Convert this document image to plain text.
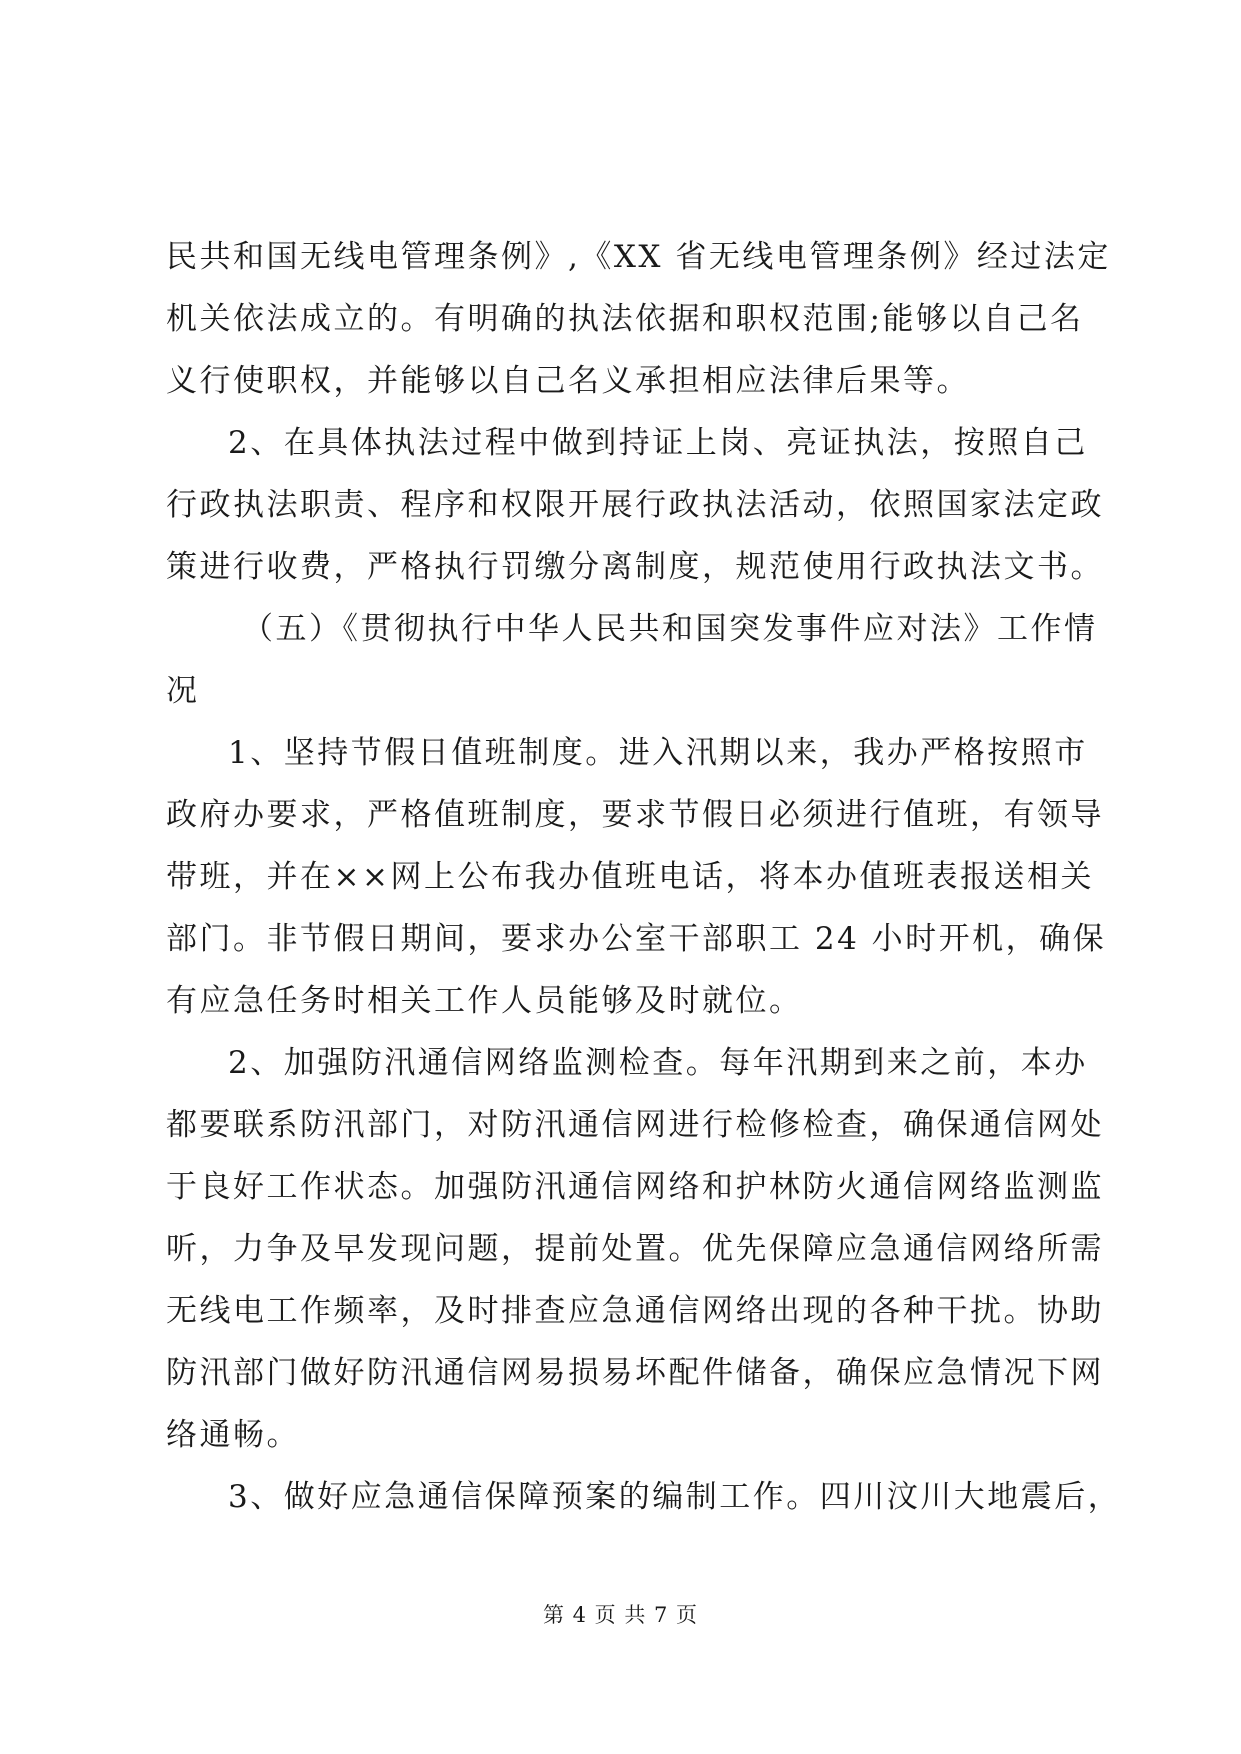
民共和国无线电管理条例》,《XX 省无线电管理条例》经过法定
机关依法成立的。有明确的执法依据和职权范围;能够以自己名
义行使职权，并能够以自己名义承担相应法律后果等。
2、在具体执法过程中做到持证上岗、亮证执法，按照自己
行政执法职责、程序和权限开展行政执法活动，依照国家法定政
策进行收费，严格执行罚缴分离制度，规范使用行政执法文书。
（五）《贯彻执行中华人民共和国突发事件应对法》工作情
况
1、坚持节假日值班制度。进入汛期以来，我办严格按照市
政府办要求，严格值班制度，要求节假日必须进行值班，有领导
带班，并在××网上公布我办值班电话，将本办值班表报送相关
部门。非节假日期间，要求办公室干部职工 24 小时开机，确保
有应急任务时相关工作人员能够及时就位。
2、加强防汛通信网络监测检查。每年汛期到来之前，本办
都要联系防汛部门，对防汛通信网进行检修检查，确保通信网处
于良好工作状态。加强防汛通信网络和护林防火通信网络监测监
听，力争及早发现问题，提前处置。优先保障应急通信网络所需
无线电工作频率，及时排查应急通信网络出现的各种干扰。协助
防汛部门做好防汛通信网易损易坏配件储备，确保应急情况下网
络通畅。
3、做好应急通信保障预案的编制工作。四川汶川大地震后，
第 4 页 共 7 页
